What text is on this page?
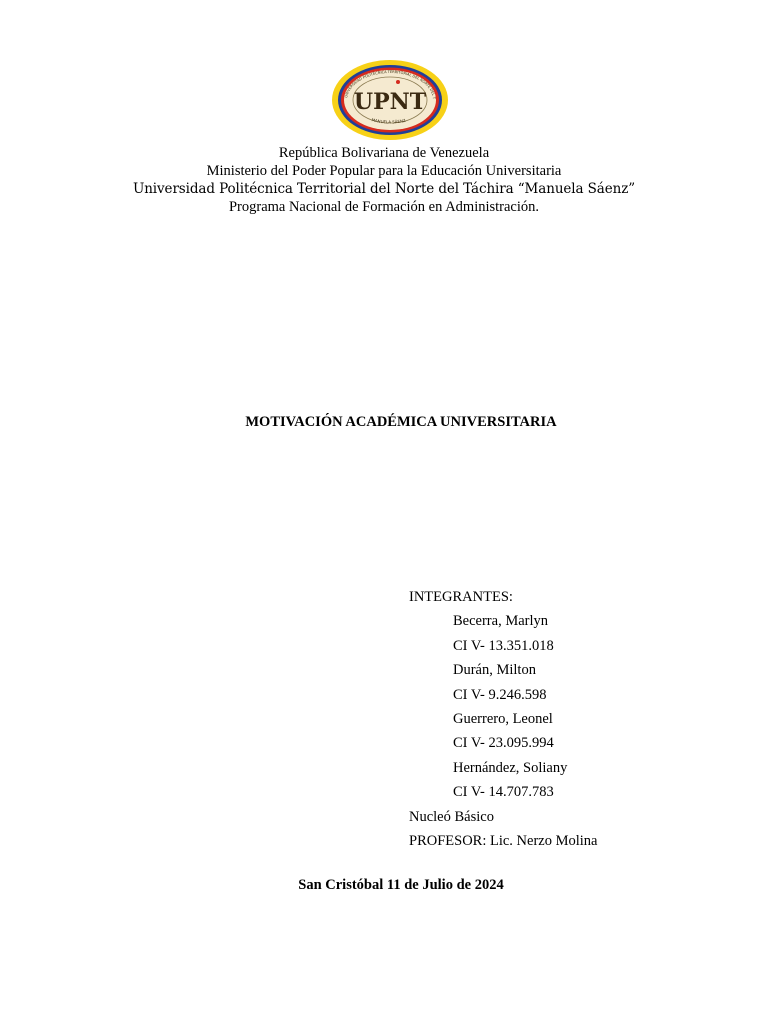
UNIVERSIDAD POLITÉCNICA TERRITORIAL DEL NORTE DEL T
MANUELA SÁENZ
UPNT
República Bolivariana de Venezuela
Ministerio del Poder Popular para la Educación Universitaria
Universidad Politécnica Territorial del Norte del Táchira “Manuela Sáenz”
Programa Nacional de Formación en Administración.
MOTIVACIÓN ACADÉMICA UNIVERSITARIA
INTEGRANTES:
Becerra, Marlyn
CI V- 13.351.018
Durán, Milton
CI V- 9.246.598
Guerrero, Leonel
CI V- 23.095.994
Hernández, Soliany
CI V- 14.707.783
Nucleó Básico
PROFESOR: Lic. Nerzo Molina
San Cristóbal 11 de Julio de 2024
